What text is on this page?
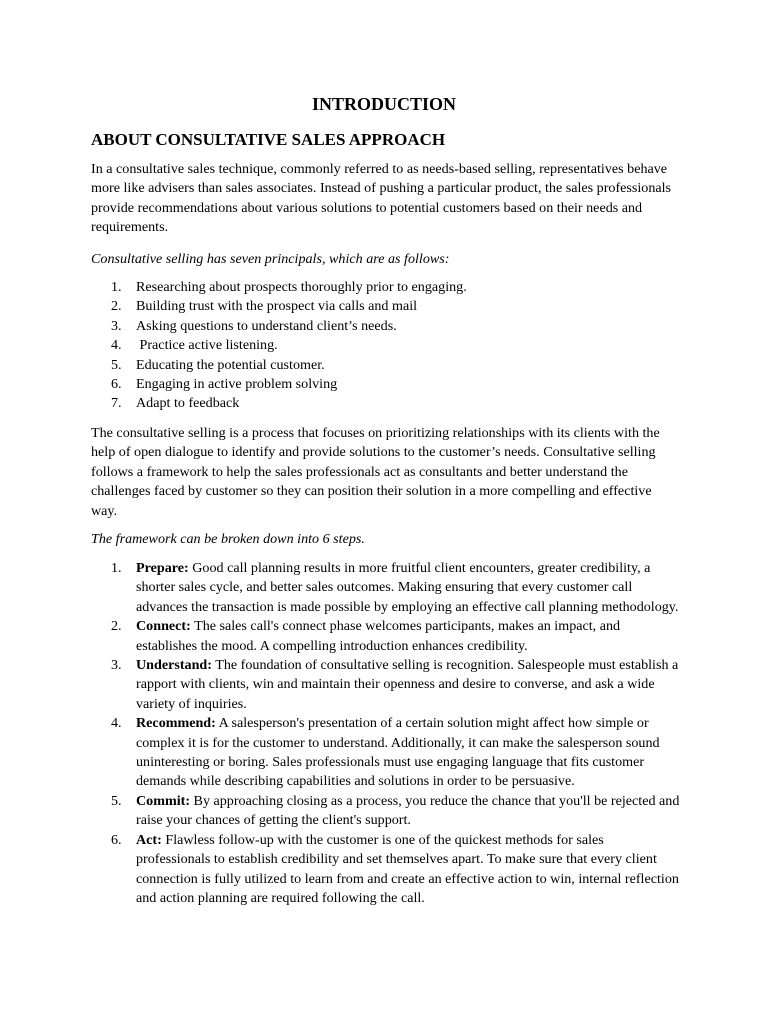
INTRODUCTION
ABOUT CONSULTATIVE SALES APPROACH

In a consultative sales technique, commonly referred to as needs-based selling, representatives behave more like advisers than sales associates. Instead of pushing a particular product, the sales professionals provide recommendations about various solutions to potential customers based on their needs and requirements.

Consultative selling has seven principals, which are as follows:

1. Researching about prospects thoroughly prior to engaging.
2. Building trust with the prospect via calls and mail
3. Asking questions to understand client’s needs.
4. Practice active listening.
5. Educating the potential customer.
6. Engaging in active problem solving
7. Adapt to feedback

The consultative selling is a process that focuses on prioritizing relationships with its clients with the help of open dialogue to identify and provide solutions to the customer’s needs. Consultative selling follows a framework to help the sales professionals act as consultants and better understand the challenges faced by customer so they can position their solution in a more compelling and effective way.

The framework can be broken down into 6 steps.

1. Prepare: Good call planning results in more fruitful client encounters, greater credibility, a shorter sales cycle, and better sales outcomes. Making ensuring that every customer call advances the transaction is made possible by employing an effective call planning methodology.
2. Connect: The sales call's connect phase welcomes participants, makes an impact, and establishes the mood. A compelling introduction enhances credibility.
3. Understand: The foundation of consultative selling is recognition. Salespeople must establish a rapport with clients, win and maintain their openness and desire to converse, and ask a wide variety of inquiries.
4. Recommend: A salesperson's presentation of a certain solution might affect how simple or complex it is for the customer to understand. Additionally, it can make the salesperson sound uninteresting or boring. Sales professionals must use engaging language that fits customer demands while describing capabilities and solutions in order to be persuasive.
5. Commit: By approaching closing as a process, you reduce the chance that you'll be rejected and raise your chances of getting the client's support.
6. Act: Flawless follow-up with the customer is one of the quickest methods for sales professionals to establish credibility and set themselves apart. To make sure that every client connection is fully utilized to learn from and create an effective action to win, internal reflection and action planning are required following the call.
